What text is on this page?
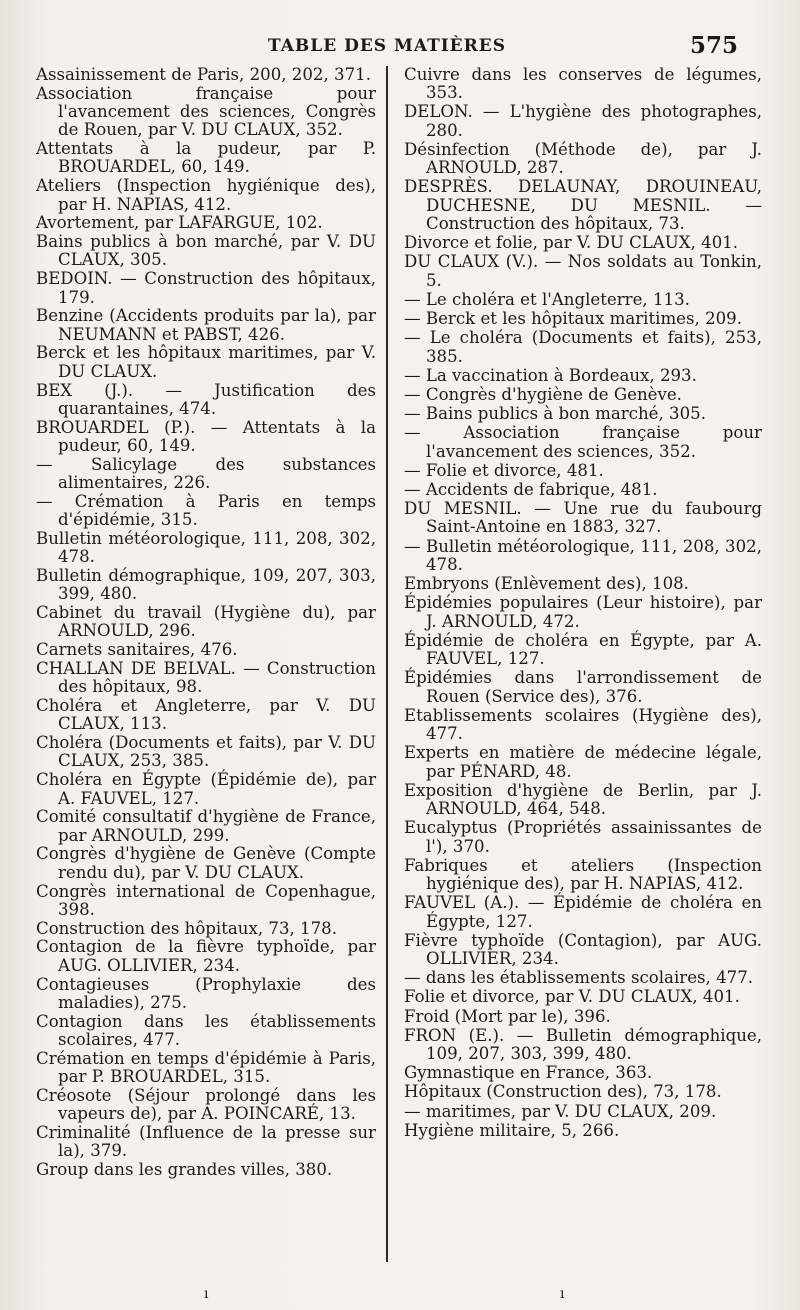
TABLE DES MATIÈRES	575

Assainissement de Paris, 200, 202, 371.

Association française pour l'avancement des sciences, Congrès de Rouen, par V. DU CLAUX, 352.

Attentats à la pudeur, par P. BROUARDEL, 60, 149.

Ateliers (Inspection hygiénique des), par H. NAPIAS, 412.

Avortement, par LAFARGUE, 102.

Bains publics à bon marché, par V. DU CLAUX, 305.

BEDOIN. — Construction des hôpitaux, 179.

Benzine (Accidents produits par la), par NEUMANN et PABST, 426.

Berck et les hôpitaux maritimes, par V. DU CLAUX.

BEX (J.). — Justification des quarantaines, 474.

BROUARDEL (P.). — Attentats à la pudeur, 60, 149.

— Salicylage des substances alimentaires, 226.

— Crémation à Paris en temps d'épidémie, 315.

Bulletin météorologique, 111, 208, 302, 478.

Bulletin démographique, 109, 207, 303, 399, 480.

Cabinet du travail (Hygiène du), par ARNOULD, 296.

Carnets sanitaires, 476.

CHALLAN DE BELVAL. — Construction des hôpitaux, 98.

Choléra et Angleterre, par V. DU CLAUX, 113.

Choléra (Documents et faits), par V. DU CLAUX, 253, 385.

Choléra en Égypte (Épidémie de), par A. FAUVEL, 127.

Comité consultatif d'hygiène de France, par ARNOULD, 299.

Congrès d'hygiène de Genève (Compte rendu du), par V. DU CLAUX.

Congrès international de Copenhague, 398.

Construction des hôpitaux, 73, 178.

Contagion de la fièvre typhoïde, par AUG. OLLIVIER, 234.

Contagieuses (Prophylaxie des maladies), 275.

Contagion dans les établissements scolaires, 477.

Crémation en temps d'épidémie à Paris, par P. BROUARDEL, 315.

Créosote (Séjour prolongé dans les vapeurs de), par A. POINCARÉ, 13.

Criminalité (Influence de la presse sur la), 379.

Group dans les grandes villes, 380.

Cuivre dans les conserves de légumes, 353.

DELON. — L'hygiène des photographes, 280.

Désinfection (Méthode de), par J. ARNOULD, 287.

DESPRÈS. DELAUNAY, DROUINEAU, DUCHESNE, DU MESNIL. — Construction des hôpitaux, 73.

Divorce et folie, par V. DU CLAUX, 401.

DU CLAUX (V.). — Nos soldats au Tonkin, 5.

— Le choléra et l'Angleterre, 113.

— Berck et les hôpitaux maritimes, 209.

— Le choléra (Documents et faits), 253, 385.

— La vaccination à Bordeaux, 293.

— Congrès d'hygiène de Genève.

— Bains publics à bon marché, 305.

— Association française pour l'avancement des sciences, 352.

— Folie et divorce, 481.

— Accidents de fabrique, 481.

DU MESNIL. — Une rue du faubourg Saint-Antoine en 1883, 327.

— Bulletin météorologique, 111, 208, 302, 478.

Embryons (Enlèvement des), 108.

Épidémies populaires (Leur histoire), par J. ARNOULD, 472.

Épidémie de choléra en Égypte, par A. FAUVEL, 127.

Épidémies dans l'arrondissement de Rouen (Service des), 376.

Etablissements scolaires (Hygiène des), 477.

Experts en matière de médecine légale, par PÉNARD, 48.

Exposition d'hygiène de Berlin, par J. ARNOULD, 464, 548.

Eucalyptus (Propriétés assainissantes de l'), 370.

Fabriques et ateliers (Inspection hygiénique des), par H. NAPIAS, 412.

FAUVEL (A.). — Épidémie de choléra en Égypte, 127.

Fièvre typhoïde (Contagion), par AUG. OLLIVIER, 234.

— dans les établissements scolaires, 477.

Folie et divorce, par V. DU CLAUX, 401.

Froid (Mort par le), 396.

FRON (E.). — Bulletin démographique, 109, 207, 303, 399, 480.

Gymnastique en France, 363.

Hôpitaux (Construction des), 73, 178.

— maritimes, par V. DU CLAUX, 209.

Hygiène militaire, 5, 266.

ı	ı
